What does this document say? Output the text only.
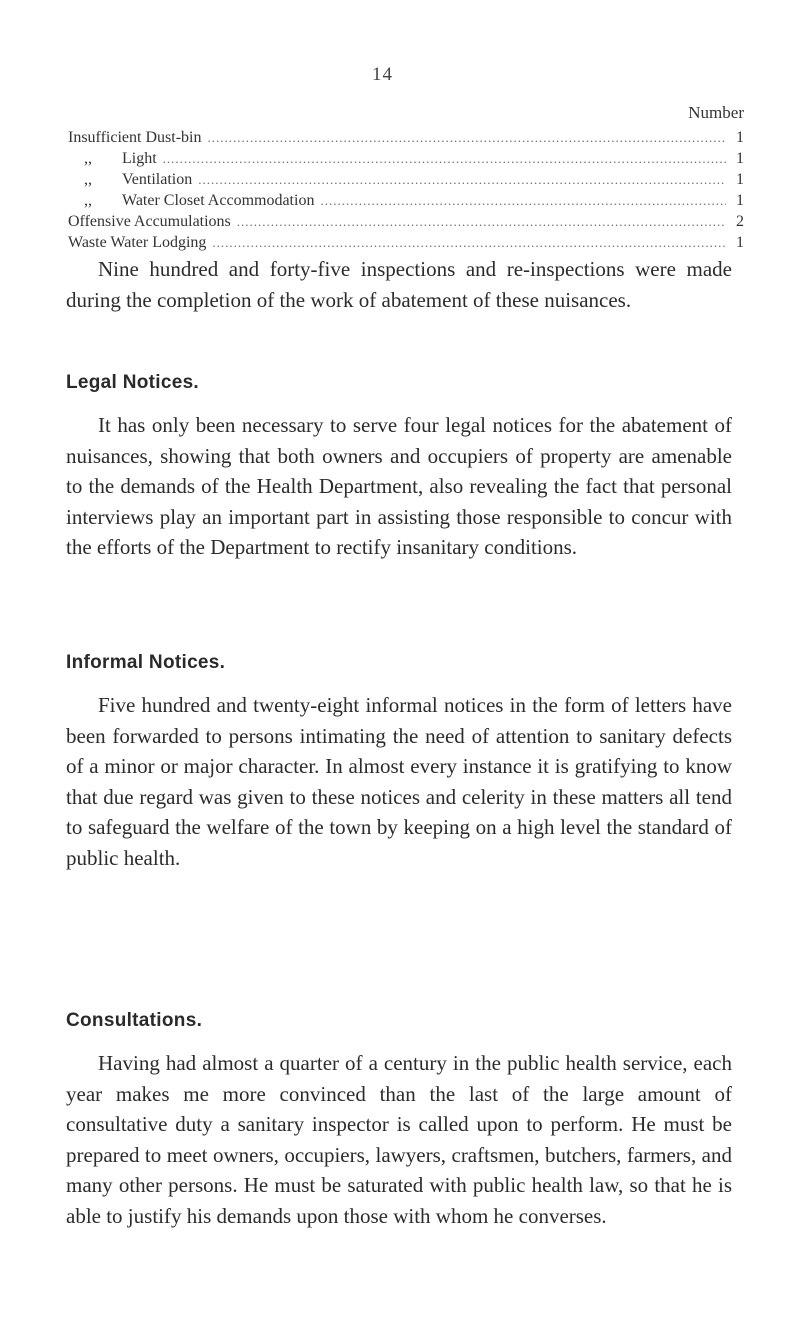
14
Number
Insufficient Dust-bin .....	1
,, Light .....	1
,, Ventilation .....	1
,, Water Closet Accommodation .....	1
Offensive Accumulations .....	2
Waste Water Lodging .....	1

Nine hundred and forty-five inspections and re-inspections were made during the completion of the work of abatement of these nuisances.

Legal Notices.

It has only been necessary to serve four legal notices for the abatement of nuisances, showing that both owners and occupiers of property are amenable to the demands of the Health Department, also revealing the fact that personal interviews play an important part in assisting those responsible to concur with the efforts of the Department to rectify insanitary conditions.

Informal Notices.

Five hundred and twenty-eight informal notices in the form of letters have been forwarded to persons intimating the need of attention to sanitary defects of a minor or major character. In almost every instance it is gratifying to know that due regard was given to these notices and celerity in these matters all tend to safeguard the welfare of the town by keeping on a high level the standard of public health.

Consultations.

Having had almost a quarter of a century in the public health service, each year makes me more convinced than the last of the large amount of consultative duty a sanitary inspector is called upon to perform. He must be prepared to meet owners, occupiers, lawyers, craftsmen, butchers, farmers, and many other persons. He must be saturated with public health law, so that he is able to justify his demands upon those with whom he converses.
